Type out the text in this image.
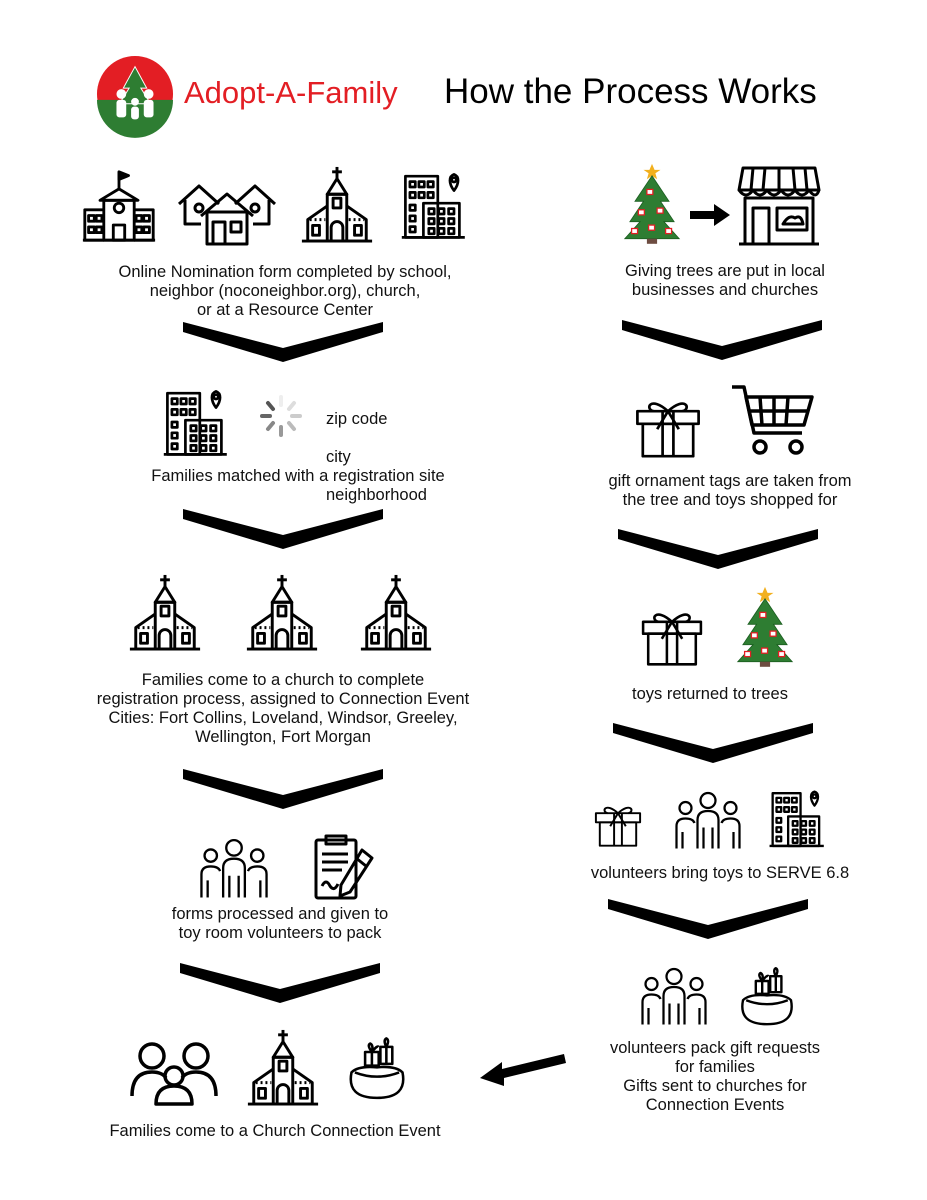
Adopt-A-Family How the Process Works
Online Nomination form completed by school,
neighbor (noconeighbor.org), church,
or at a Resource Center

zip code

city

neighborhood

Families matched with a registration site
Families come to a church to complete
registration process, assigned to Connection Event
Cities: Fort Collins, Loveland, Windsor, Greeley,
Wellington, Fort Morgan
forms processed and given to
toy room volunteers to pack
Families come to a Church Connection Event
Giving trees are put in local
businesses and churches
gift ornament tags are taken from
the tree and toys shopped for
toys returned to trees
volunteers bring toys to SERVE 6.8
volunteers pack gift requests
for families
Gifts sent to churches for
Connection Events
